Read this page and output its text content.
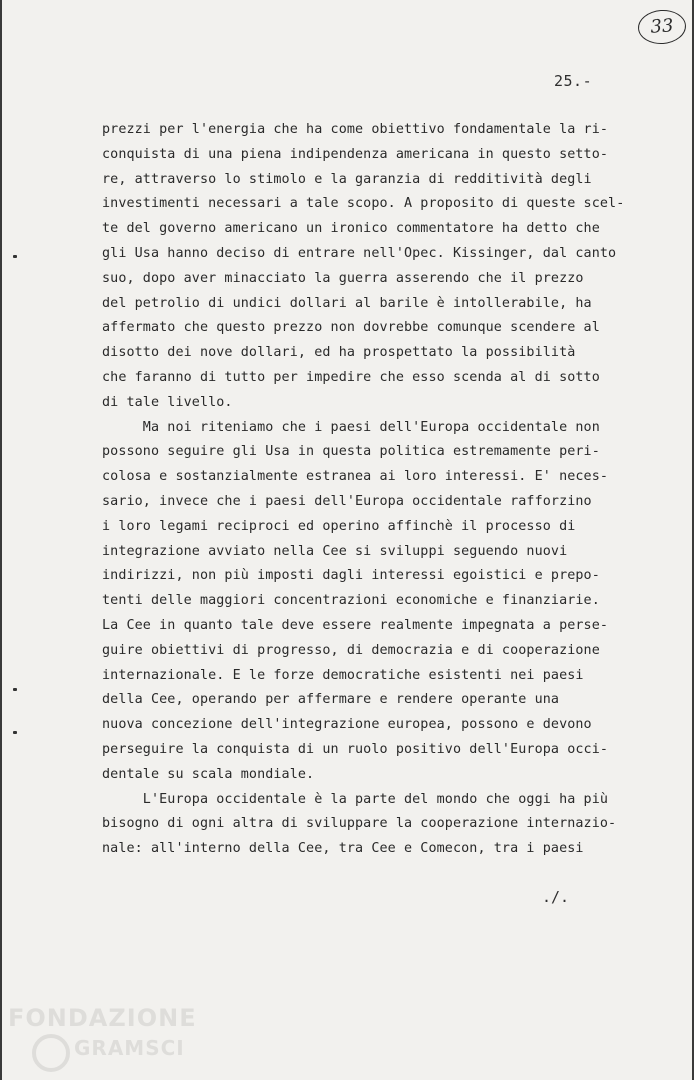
33
25.-
prezzi per l'energia che ha come obiettivo fondamentale la ri-
conquista di una piena indipendenza americana in questo setto-
re, attraverso lo stimolo e la garanzia di redditività degli
investimenti necessari a tale scopo. A proposito di queste scel-
te del governo americano un ironico commentatore ha detto che
gli Usa hanno deciso di entrare nell'Opec. Kissinger, dal canto
suo, dopo aver minacciato la guerra asserendo che il prezzo
del petrolio di undici dollari al barile è intollerabile, ha
affermato che questo prezzo non dovrebbe comunque scendere al
disotto dei nove dollari, ed ha prospettato la possibilità
che faranno di tutto per impedire che esso scenda al di sotto
di tale livello.
Ma noi riteniamo che i paesi dell'Europa occidentale non
possono seguire gli Usa in questa politica estremamente peri-
colosa e sostanzialmente estranea ai loro interessi. E' neces-
sario, invece che i paesi dell'Europa occidentale rafforzino
i loro legami reciproci ed operino affinchè il processo di
integrazione avviato nella Cee si sviluppi seguendo nuovi
indirizzi, non più imposti dagli interessi egoistici e prepo-
tenti delle maggiori concentrazioni economiche e finanziarie.
La Cee in quanto tale deve essere realmente impegnata a perse-
guire obiettivi di progresso, di democrazia e di cooperazione
internazionale. E le forze democratiche esistenti nei paesi
della Cee, operando per affermare e rendere operante una
nuova concezione dell'integrazione europea, possono e devono
perseguire la conquista di un ruolo positivo dell'Europa occi-
dentale su scala mondiale.
L'Europa occidentale è la parte del mondo che oggi ha più
bisogno di ogni altra di sviluppare la cooperazione internazio-
nale: all'interno della Cee, tra Cee e Comecon, tra i paesi
./.
FONDAZIONE
GRAMSCI
